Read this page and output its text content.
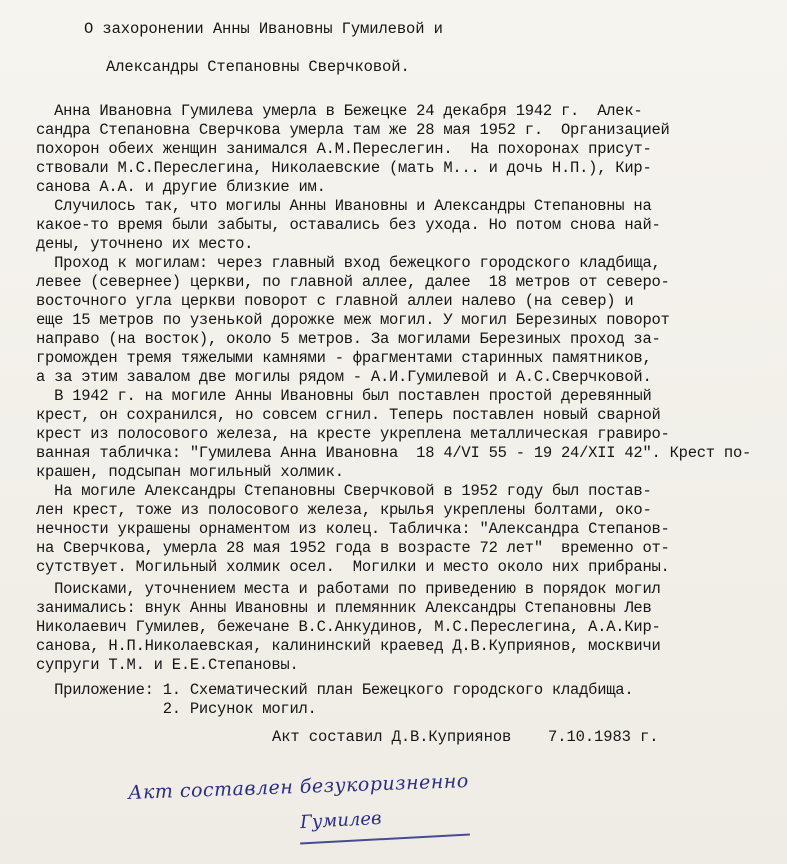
О захоронении Анны Ивановны Гумилевой и
Александры Степановны Сверчковой.
Анна Ивановна Гумилева умерла в Бежецке 24 декабря 1942 г.  Алек-
сандра Степановна Сверчкова умерла там же 28 мая 1952 г.  Организацией
похорон обеих женщин занимался А.М.Переслегин.  На похоронах присут-
ствовали М.С.Переслегина, Николаевские (мать М... и дочь Н.П.), Кир-
санова А.А. и другие близкие им.
Случилось так, что могилы Анны Ивановны и Александры Степановны на
какое-то время были забыты, оставались без ухода. Но потом снова най-
дены, уточнено их место.
Проход к могилам: через главный вход бежецкого городского кладбища,
левее (севернее) церкви, по главной аллее, далее  18 метров от северо-
восточного угла церкви поворот с главной аллеи налево (на север) и
еще 15 метров по узенькой дорожке меж могил. У могил Березиных поворот
направо (на восток), около 5 метров. За могилами Березиных проход за-
громожден тремя тяжелыми камнями - фрагментами старинных памятников,
а за этим завалом две могилы рядом - А.И.Гумилевой и А.С.Сверчковой.
В 1942 г. на могиле Анны Ивановны был поставлен простой деревянный
крест, он сохранился, но совсем сгнил. Теперь поставлен новый сварной
крест из полосового железа, на кресте укреплена металлическая гравиро-
ванная табличка: "Гумилева Анна Ивановна  18 4/VI 55 - 19 24/XII 42". Крест по-
крашен, подсыпан могильный холмик.
На могиле Александры Степановны Сверчковой в 1952 году был постав-
лен крест, тоже из полосового железа, крылья укреплены болтами, око-
нечности украшены орнаментом из колец. Табличка: "Александра Степанов-
на Сверчкова, умерла 28 мая 1952 года в возрасте 72 лет"  временно от-
сутствует. Могильный холмик осел.  Могилки и место около них прибраны.
Поисками, уточнением места и работами по приведению в порядок могил
занимались: внук Анны Ивановны и племянник Александры Степановны Лев
Николаевич Гумилев, бежечане В.С.Анкудинов, М.С.Переслегина, А.А.Кир-
санова, Н.П.Николаевская, калининский краевед Д.В.Куприянов, москвичи
супруги Т.М. и Е.Е.Степановы.
Приложение: 1. Схематический план Бежецкого городского кладбища.
2. Рисунок могил.
Акт составил Д.В.Куприянов    7.10.1983 г.
Акт составлен безукоризненно
Гумилев
